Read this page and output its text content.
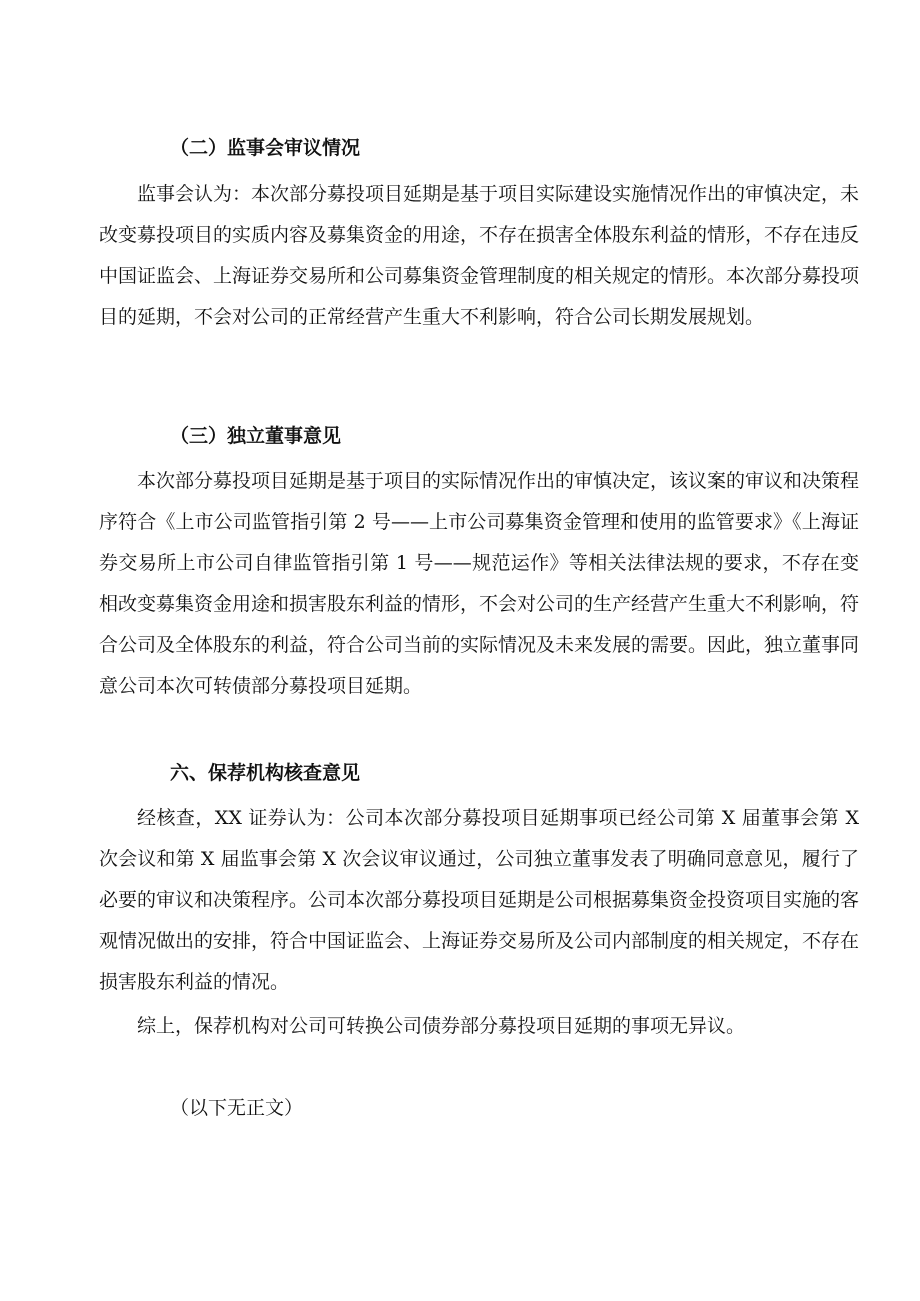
（二）监事会审议情况

监事会认为：本次部分募投项目延期是基于项目实际建设实施情况作出的审慎决定，未改变募投项目的实质内容及募集资金的用途，不存在损害全体股东利益的情形，不存在违反中国证监会、上海证券交易所和公司募集资金管理制度的相关规定的情形。本次部分募投项目的延期，不会对公司的正常经营产生重大不利影响，符合公司长期发展规划。

（三）独立董事意见

本次部分募投项目延期是基于项目的实际情况作出的审慎决定，该议案的审议和决策程序符合《上市公司监管指引第 2 号——上市公司募集资金管理和使用的监管要求》《上海证券交易所上市公司自律监管指引第 1 号——规范运作》等相关法律法规的要求，不存在变相改变募集资金用途和损害股东利益的情形，不会对公司的生产经营产生重大不利影响，符合公司及全体股东的利益，符合公司当前的实际情况及未来发展的需要。因此，独立董事同意公司本次可转债部分募投项目延期。

六、保荐机构核查意见

经核查，XX 证券认为：公司本次部分募投项目延期事项已经公司第 X 届董事会第 X 次会议和第 X 届监事会第 X 次会议审议通过，公司独立董事发表了明确同意意见，履行了必要的审议和决策程序。公司本次部分募投项目延期是公司根据募集资金投资项目实施的客观情况做出的安排，符合中国证监会、上海证券交易所及公司内部制度的相关规定，不存在损害股东利益的情况。

综上，保荐机构对公司可转换公司债券部分募投项目延期的事项无异议。

（以下无正文）
